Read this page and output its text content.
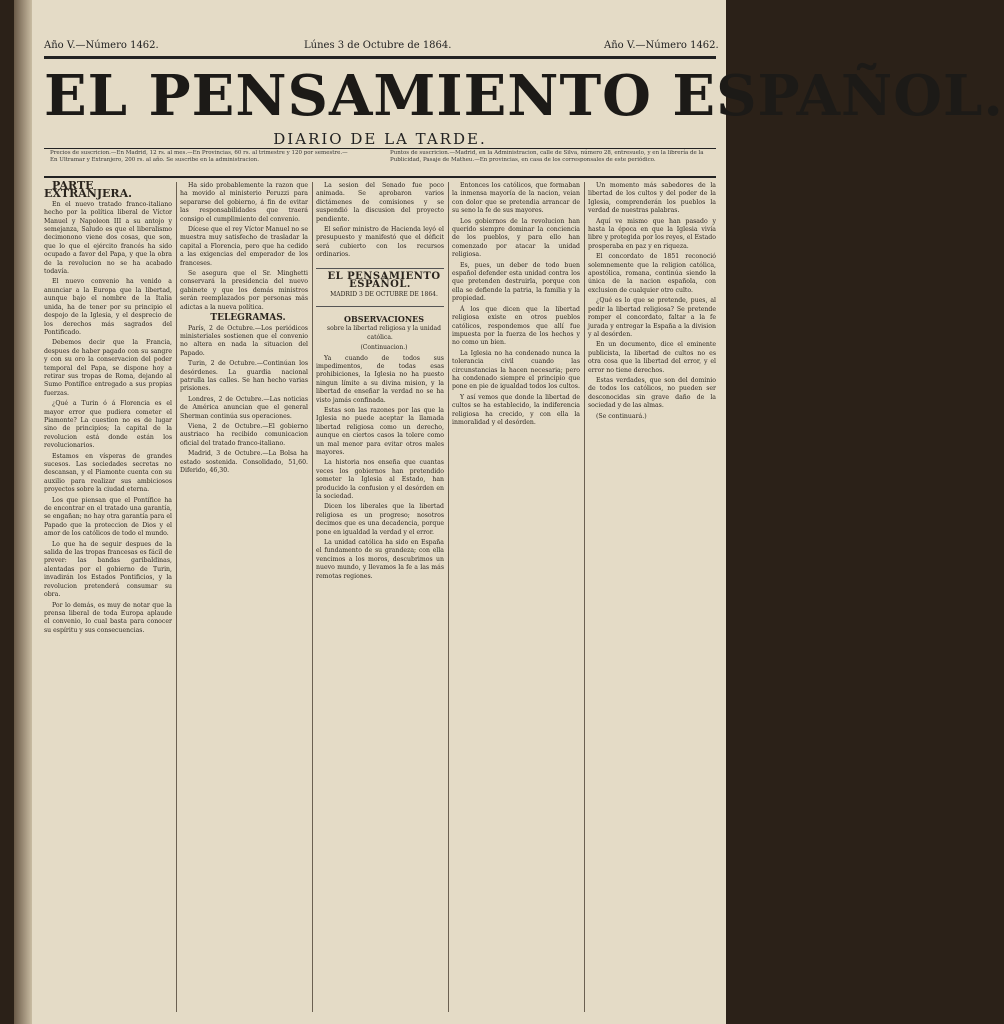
Año V.—Número 1462.	Lúnes 3 de Octubre de 1864.	Año V.—Número 1462.
EL PENSAMIENTO ESPAÑOL.
DIARIO DE LA TARDE.
Precios de suscricion.—En Madrid, 12 rs. al mes.—En Provincias, 60 rs. al trimestre y 120 por semestre.—En Ultramar y Extranjero, 200 rs. al año. Se suscribe en la administracion.
Puntos de suscricion.—Madrid, en la Administracion, calle de Silva, número 28, entresuelo, y en la librería de la Publicidad, Pasaje de Matheu.—En provincias, en casa de los corresponsales de este periódico.

PARTE EXTRANJERA.

En el nuevo tratado franco-italiano hecho por la política liberal de Víctor Manuel y Napoleon III a su antojo y semejanza, Saludo es que el liberalismo decimonono viene dos cosas, que son, que lo que el ejército francés ha sido ocupado a favor del Papa, y que la obra de la revolucion no se ha acabado todavía.

El nuevo convenio ha venido a anunciar a la Europa que la libertad, aunque bajo el nombre de la Italia unida, ha de tener por su principio el despojo de la Iglesia, y el desprecio de los derechos más sagrados del Pontificado.

Debemos decir que la Francia, despues de haber pagado con su sangre y con su oro la conservacion del poder temporal del Papa, se dispone hoy a retirar sus tropas de Roma, dejando al Sumo Pontífice entregado a sus propias fuerzas.

¿Qué a Turin ó á Florencia es el mayor error que pudiera cometer el Piamonte? La cuestion no es de lugar sino de principios; la capital de la revolucion está donde están los revolucionarios.

Estamos en vísperas de grandes sucesos. Las sociedades secretas no descansan, y el Piamonte cuenta con su auxilio para realizar sus ambiciosos proyectos sobre la ciudad eterna.

Los que piensan que el Pontífice ha de encontrar en el tratado una garantía, se engañan; no hay otra garantía para el Papado que la proteccion de Dios y el amor de los católicos de todo el mundo.

Lo que ha de seguir despues de la salida de las tropas francesas es fácil de prever: las bandas garibaldinas, alentadas por el gobierno de Turin, invadirán los Estados Pontificios, y la revolucion pretenderá consumar su obra.

Por lo demás, es muy de notar que la prensa liberal de toda Europa aplaude el convenio, lo cual basta para conocer su espíritu y sus consecuencias.

Ha sido probablemente la razon que ha movido al ministerio Peruzzi para separarse del gobierno, á fin de evitar las responsabilidades que traerá consigo el cumplimiento del convenio.

Dícese que el rey Víctor Manuel no se muestra muy satisfecho de trasladar la capital a Florencia, pero que ha cedido a las exigencias del emperador de los franceses.

Se asegura que el Sr. Minghetti conservará la presidencia del nuevo gabinete y que los demás ministros serán reemplazados por personas más adictas a la nueva política.

TELEGRAMAS.

París, 2 de Octubre.—Los periódicos ministeriales sostienen que el convenio no altera en nada la situacion del Papado.

Turin, 2 de Octubre.—Continúan los desórdenes. La guardia nacional patrulla las calles. Se han hecho varias prisiones.

Londres, 2 de Octubre.—Las noticias de América anuncian que el general Sherman continúa sus operaciones.

Viena, 2 de Octubre.—El gobierno austriaco ha recibido comunicacion oficial del tratado franco-italiano.

Madrid, 3 de Octubre.—La Bolsa ha estado sostenida. Consolidado, 51,60. Diferido, 46,30.

La sesion del Senado fue poco animada. Se aprobaron varios dictámenes de comisiones y se suspendió la discusion del proyecto pendiente.

El señor ministro de Hacienda leyó el presupuesto y manifestó que el déficit será cubierto con los recursos ordinarios.

EL PENSAMIENTO ESPAÑOL.

MADRID 3 DE OCTUBRE DE 1864.

OBSERVACIONES

sobre la libertad religiosa y la unidad católica.

(Continuacion.)

Ya cuando de todos sus impedimentos, de todas esas prohibiciones, la Iglesia no ha puesto ningun límite a su divina mision, y la libertad de enseñar la verdad no se ha visto jamás confinada.

Estas son las razones por las que la Iglesia no puede aceptar la llamada libertad religiosa como un derecho, aunque en ciertos casos la tolere como un mal menor para evitar otros males mayores.

La historia nos enseña que cuantas veces los gobiernos han pretendido someter la Iglesia al Estado, han producido la confusion y el desórden en la sociedad.

Dicen los liberales que la libertad religiosa es un progreso; nosotros decimos que es una decadencia, porque pone en igualdad la verdad y el error.

La unidad católica ha sido en España el fundamento de su grandeza; con ella vencimos a los moros, descubrimos un nuevo mundo, y llevamos la fe a las más remotas regiones.

Entonces los católicos, que formaban la inmensa mayoría de la nacion, veian con dolor que se pretendia arrancar de su seno la fe de sus mayores.

Los gobiernos de la revolucion han querido siempre dominar la conciencia de los pueblos, y para ello han comenzado por atacar la unidad religiosa.

Es, pues, un deber de todo buen español defender esta unidad contra los que pretenden destruirla, porque con ella se defiende la patria, la familia y la propiedad.

Á los que dicen que la libertad religiosa existe en otros pueblos católicos, respondemos que allí fue impuesta por la fuerza de los hechos y no como un bien.

La Iglesia no ha condenado nunca la tolerancia civil cuando las circunstancias la hacen necesaria; pero ha condenado siempre el principio que pone en pie de igualdad todos los cultos.

Y así vemos que donde la libertad de cultos se ha establecido, la indiferencia religiosa ha crecido, y con ella la inmoralidad y el desórden.

Un momento más sabedores de la libertad de los cultos y del poder de la Iglesia, comprenderán los pueblos la verdad de nuestras palabras.

Aquí ve mismo que han pasado y hasta la época en que la Iglesia vivía libre y protegida por los reyes, el Estado prosperaba en paz y en riqueza.

El concordato de 1851 reconoció solemnemente que la religion católica, apostólica, romana, continúa siendo la única de la nacion española, con exclusion de cualquier otro culto.

¿Qué es lo que se pretende, pues, al pedir la libertad religiosa? Se pretende romper el concordato, faltar a la fe jurada y entregar la España a la division y al desórden.

En un documento, dice el eminente publicista, la libertad de cultos no es otra cosa que la libertad del error, y el error no tiene derechos.

Estas verdades, que son del dominio de todos los católicos, no pueden ser desconocidas sin grave daño de la sociedad y de las almas.

(Se continuará.)
